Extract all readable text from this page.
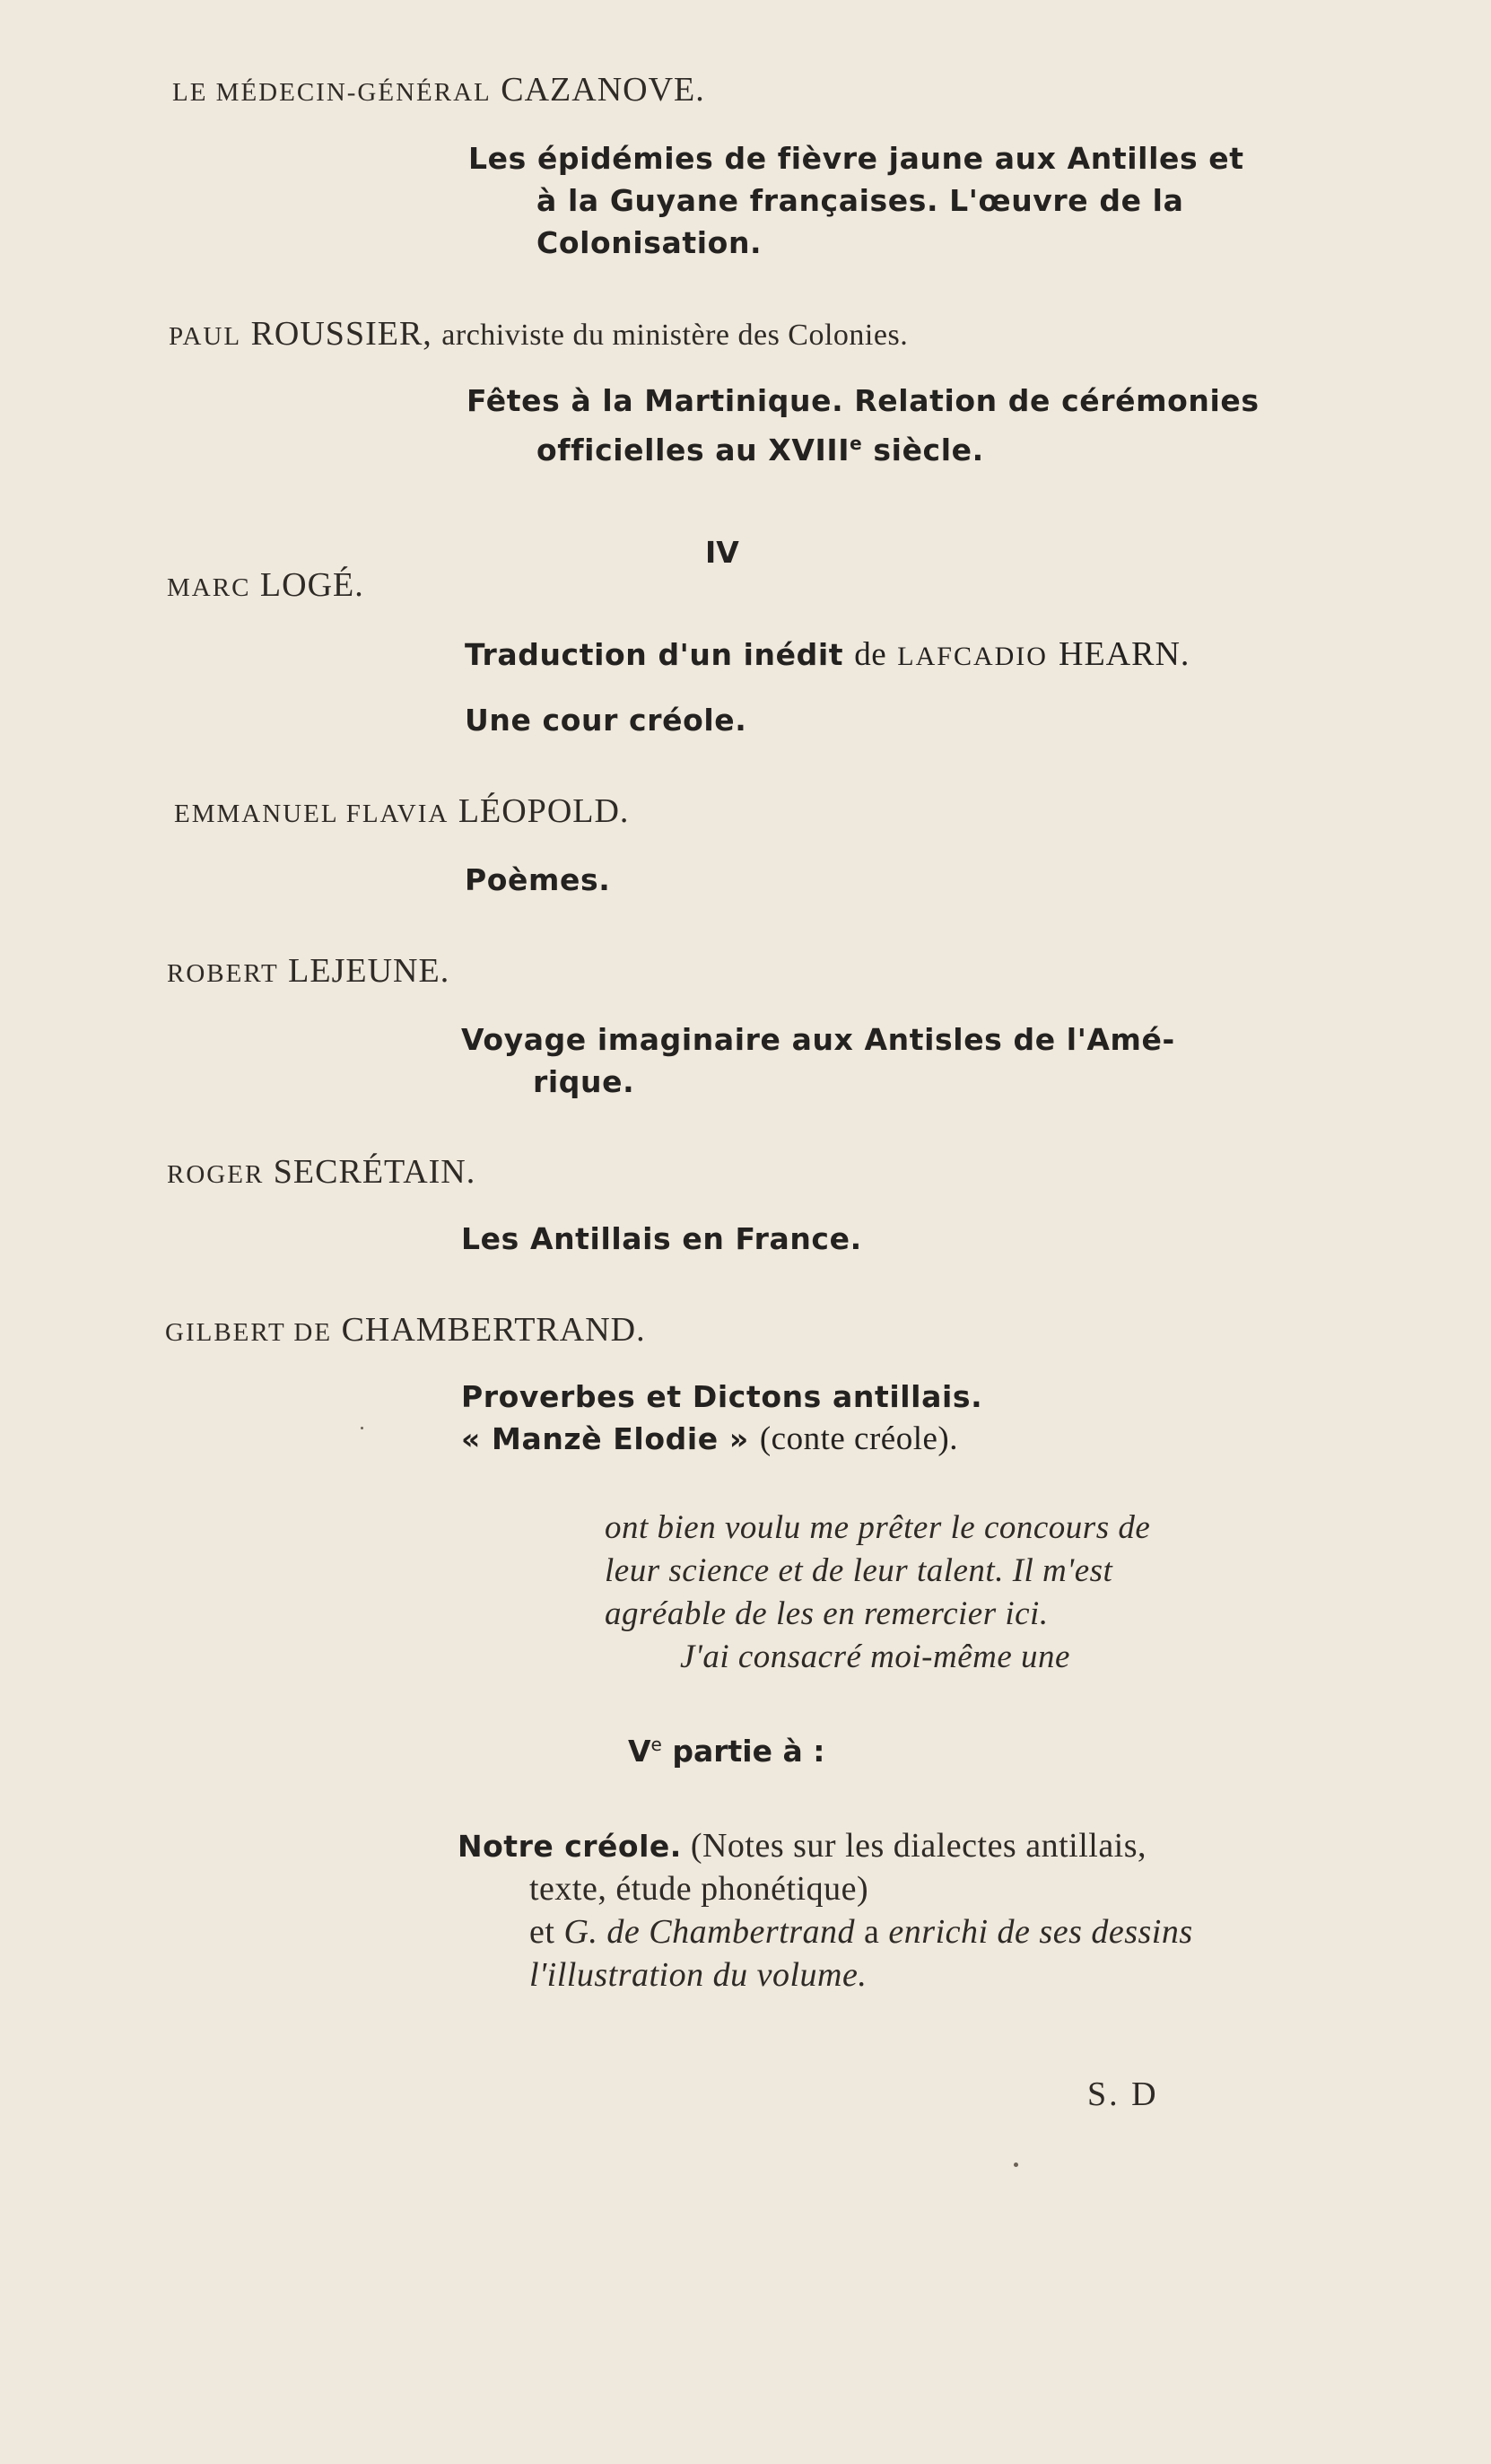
LE MÉDECIN-GÉNÉRAL CAZANOVE.
Les épidémies de fièvre jaune aux Antilles et
à la Guyane françaises. L'œuvre de la
Colonisation.
PAUL ROUSSIER, archiviste du ministère des Colonies.
Fêtes à la Martinique. Relation de cérémonies
officielles au XVIIIe siècle.
IV
MARC LOGÉ.
Traduction d'un inédit de LAFCADIO HEARN.
Une cour créole.
EMMANUEL FLAVIA LÉOPOLD.
Poèmes.
ROBERT LEJEUNE.
Voyage imaginaire aux Antisles de l'Amé-
rique.
ROGER SECRÉTAIN.
Les Antillais en France.
GILBERT DE CHAMBERTRAND.
Proverbes et Dictons antillais.
« Manzè Elodie » (conte créole).
ont bien voulu me prêter le concours de
leur science et de leur talent. Il m'est
agréable de les en remercier ici.
J'ai consacré moi-même une
Ve partie à :
Notre créole. (Notes sur les dialectes antillais,
texte, étude phonétique)
et G. de Chambertrand a enrichi de ses dessins
l'illustration du volume.
S. D
